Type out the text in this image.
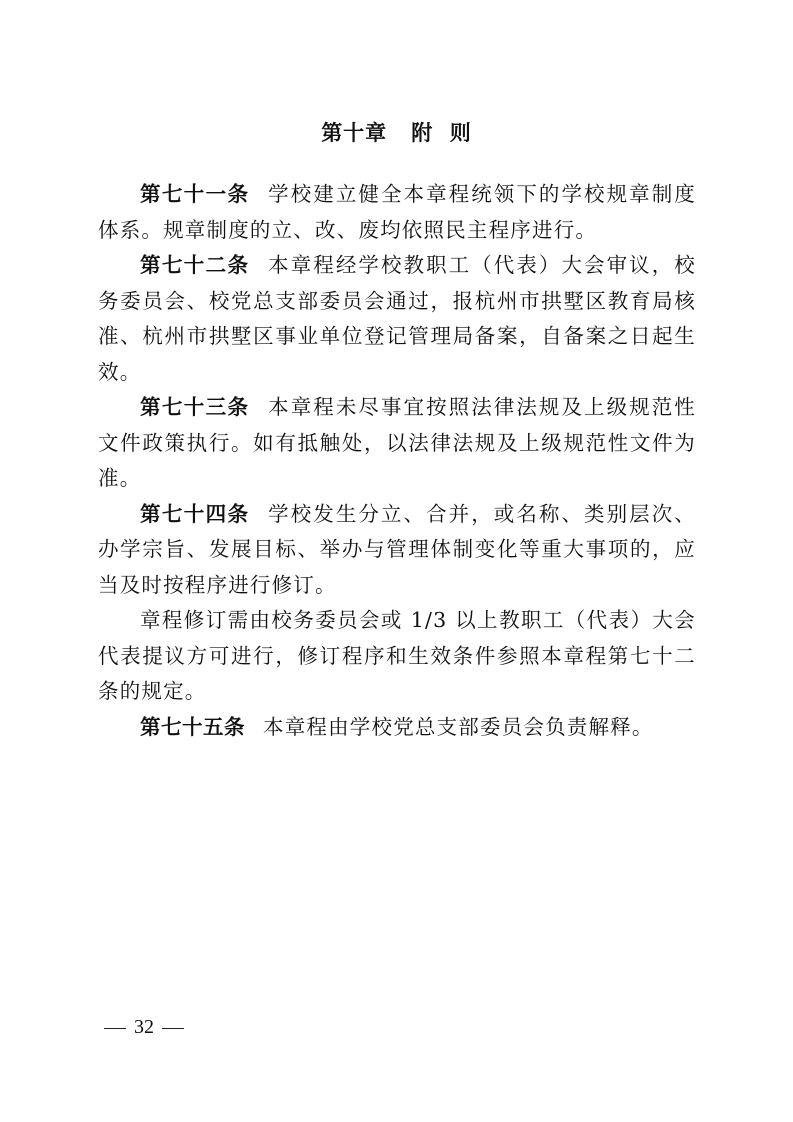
第十章 附  则

第七十一条 学校建立健全本章程统领下的学校规章制度体系。规章制度的立、改、废均依照民主程序进行。

第七十二条 本章程经学校教职工（代表）大会审议，校务委员会、校党总支部委员会通过，报杭州市拱墅区教育局核准、杭州市拱墅区事业单位登记管理局备案，自备案之日起生效。

第七十三条 本章程未尽事宜按照法律法规及上级规范性文件政策执行。如有抵触处，以法律法规及上级规范性文件为准。

第七十四条 学校发生分立、合并，或名称、类别层次、办学宗旨、发展目标、举办与管理体制变化等重大事项的，应当及时按程序进行修订。

章程修订需由校务委员会或 1/3 以上教职工（代表）大会代表提议方可进行，修订程序和生效条件参照本章程第七十二条的规定。

第七十五条 本章程由学校党总支部委员会负责解释。

32
